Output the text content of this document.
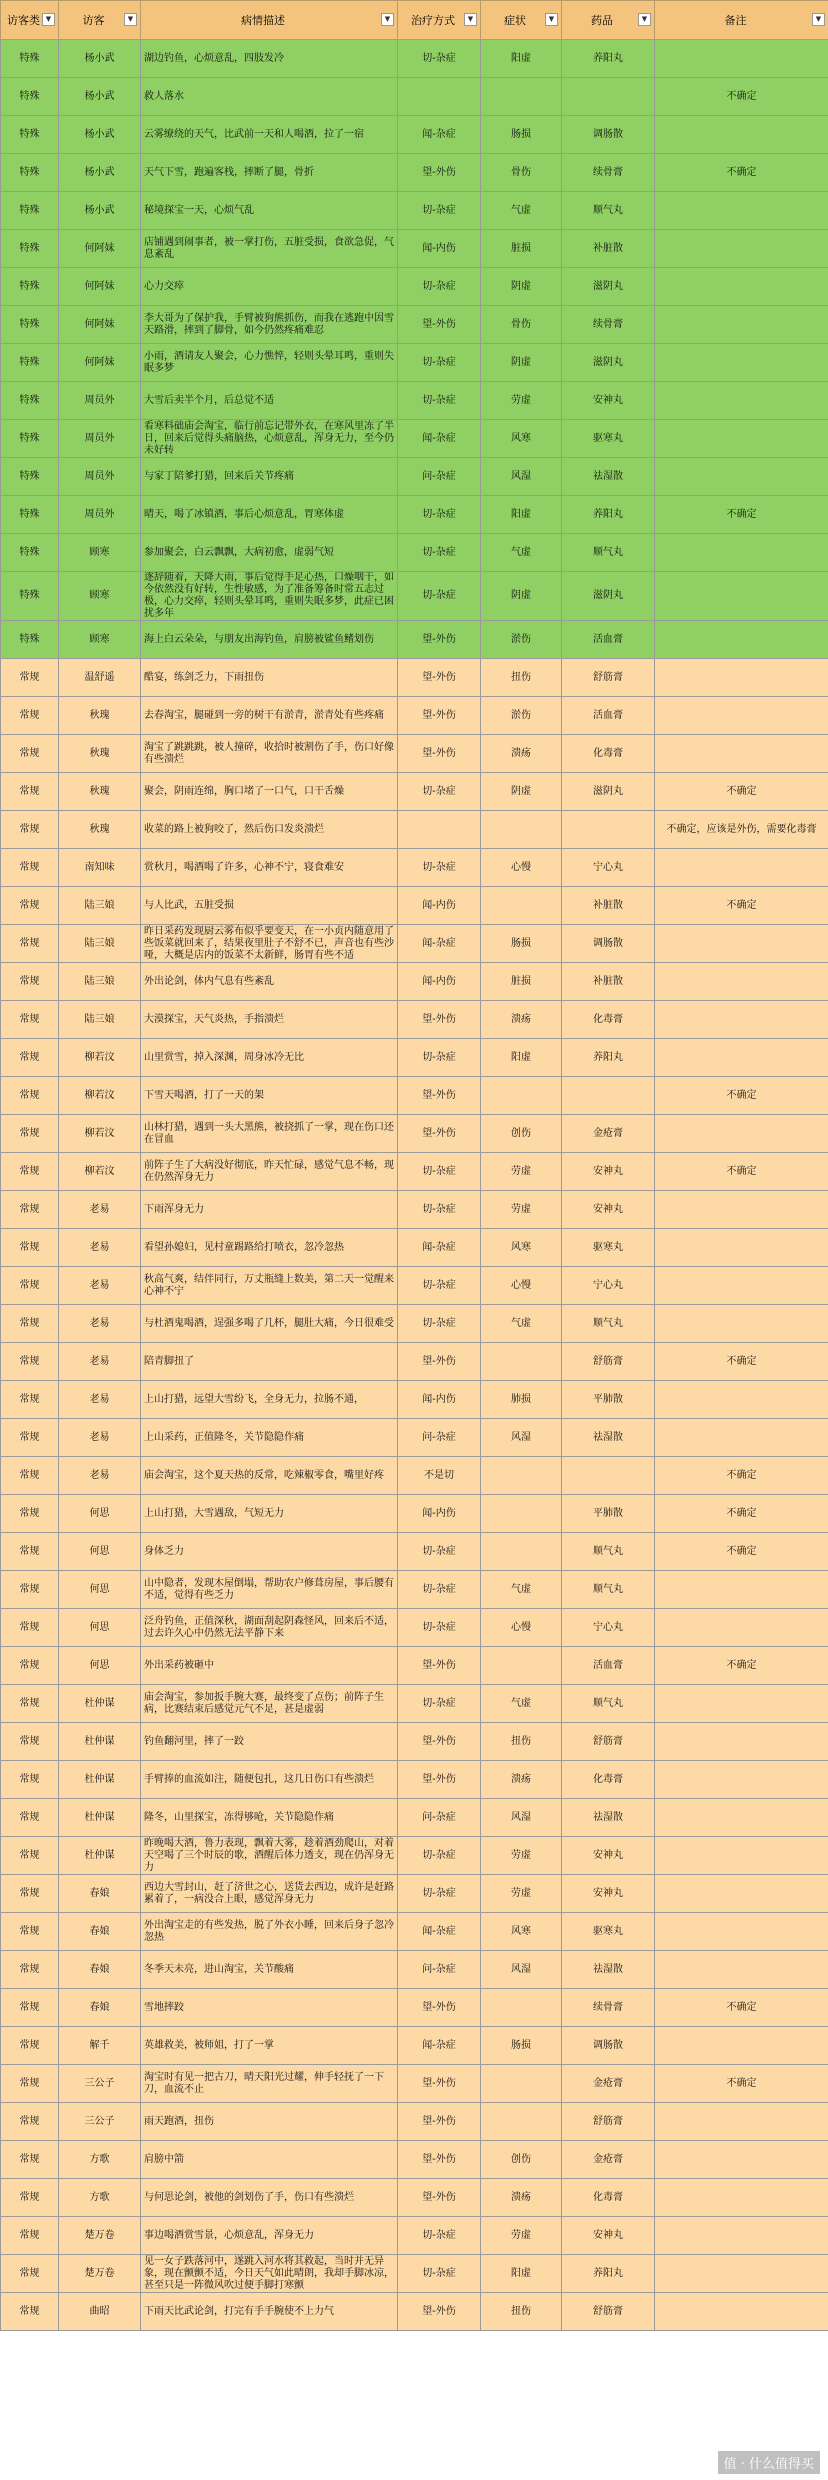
访客类 ▼	访客 ▼	病情描述 ▼	治疗方式 ▼	症状 ▼	药品 ▼	备注 ▼

特殊	杨小武	湖边钓鱼，心烦意乱，四肢发冷	切-杂症	阳虚	养阳丸	
特殊	杨小武	救人落水				不确定
特殊	杨小武	云雾缭绕的天气，比武前一天和人喝酒，拉了一宿	闻-杂症	肠损	调肠散	
特殊	杨小武	天气下雪，跑遍客栈，摔断了腿，骨折	望-外伤	骨伤	续骨膏	不确定
特殊	杨小武	秘境探宝一天，心烦气乱	切-杂症	气虚	顺气丸	
特殊	何阿妹	店铺遇到闹事者，被一掌打伤，五脏受损，食欲急促，气息紊乱	闻-内伤	脏损	补脏散	
特殊	何阿妹	心力交瘁	切-杂症	阴虚	滋阴丸	
特殊	何阿妹	李大哥为了保护我，手臂被狗熊抓伤，而我在逃跑中因雪天路滑，摔到了脚骨，如今仍然疼痛难忍	望-外伤	骨伤	续骨膏	
特殊	何阿妹	小雨，酒请友人聚会，心力憔悴，轻则头晕耳鸣，重则失眠多梦	切-杂症	阴虚	滋阴丸	
特殊	周员外	大雪后卖半个月，后总觉不适	切-杂症	劳虚	安神丸	
特殊	周员外	看寒料础庙会淘宝，临行前忘记带外衣，在寒风里冻了半日，回来后觉得头痛脑热，心烦意乱，浑身无力，至今仍未好转	闻-杂症	风寒	驱寒丸	
特殊	周员外	与家丁陪爹打猎，回来后关节疼痛	问-杂症	风湿	祛湿散	
特殊	周员外	晴天，喝了冰镇酒，事后心烦意乱，胃寒体虚	切-杂症	阳虚	养阳丸	不确定
特殊	顾寒	参加聚会，白云飘飘，大病初愈，虚弱气短	切-杂症	气虚	顺气丸	
特殊	顾寒	逐辞随着，天降大雨，事后觉得手足心热，口燥咽干，如今依然没有好转，生性敏感，为了准备筹备时常五志过极，心力交瘁，轻则头晕耳鸣，重则失眠多梦，此症已困扰多年	切-杂症	阴虚	滋阴丸	
特殊	顾寒	海上白云朵朵，与朋友出海钓鱼，肩膀被鲨鱼鳍划伤	望-外伤	淤伤	活血膏	
常规	温舒遥	酷宴，练剑乏力，下雨扭伤	望-外伤	扭伤	舒筋膏	
常规	秋瑰	去春淘宝，腿碰到一旁的树干有淤青，淤青处有些疼痛	望-外伤	淤伤	活血膏	
常规	秋瑰	淘宝了跳跳跳，被人撞碎，收拾时被割伤了手，伤口好像有些溃烂	望-外伤	溃疡	化毒膏	
常规	秋瑰	聚会，阴雨连绵，胸口堵了一口气，口干舌燥	切-杂症	阴虚	滋阴丸	不确定
常规	秋瑰	收菜的路上被狗咬了，然后伤口发炎溃烂				不确定，应该是外伤，需要化毒膏
常规	南知味	赏秋月，喝酒喝了许多，心神不宁，寝食难安	切-杂症	心慢	宁心丸	
常规	陆三娘	与人比武，五脏受损	闻-内伤		补脏散	不确定
常规	陆三娘	昨日采药发现厨云雾布似乎要变天，在一小贞内随意用了些饭菜就回来了，结果夜里肚子不舒不已，声音也有些沙哑，大概是店内的饭菜不太新鲜，肠胃有些不适	闻-杂症	肠损	调肠散	
常规	陆三娘	外出论剑，体内气息有些紊乱	闻-内伤	脏损	补脏散	
常规	陆三娘	大漠探宝，天气炎热，手指溃烂	望-外伤	溃疡	化毒膏	
常规	柳若汶	山里赏雪，掉入深渊，周身冰冷无比	切-杂症	阳虚	养阳丸	
常规	柳若汶	下雪天喝酒，打了一天的架	望-外伤			不确定
常规	柳若汶	山林打猎，遇到一头大黑熊，被挠抓了一掌，现在伤口还在冒血	望-外伤	创伤	金疮膏	
常规	柳若汶	前阵子生了大病没好彻底，昨天忙碌，感觉气息不畅，现在仍然浑身无力	切-杂症	劳虚	安神丸	不确定
常规	老易	下雨浑身无力	切-杂症	劳虚	安神丸	
常规	老易	看望孙媳妇，见村童踢路给打喷衣，忽冷忽热	闻-杂症	风寒	驱寒丸	
常规	老易	秋高气爽，结伴同行，万丈瓶缝上数美，第二天一觉醒来心神不宁	切-杂症	心慢	宁心丸	
常规	老易	与杜酒鬼喝酒，逞强多喝了几杯，腿肚大痛，今日很难受	切-杂症	气虚	顺气丸	
常规	老易	陪青脚扭了	望-外伤		舒筋膏	不确定
常规	老易	上山打猎，远望大雪纷飞，全身无力，拉肠不通，	闻-内伤	肺损	平肺散	
常规	老易	上山采药，正值隆冬，关节隐隐作痛	问-杂症	风湿	祛湿散	
常规	老易	庙会淘宝，这个夏天热的反常，吃辣椒零食，嘴里好疼	不是切			不确定
常规	何思	上山打猎，大雪遇敌，气短无力	闻-内伤		平肺散	不确定
常规	何思	身体乏力	切-杂症		顺气丸	不确定
常规	何思	山中隐者，发现木屋倒塌，帮助农户修葺房屋，事后腰有不适，觉得有些乏力	切-杂症	气虚	顺气丸	
常规	何思	泛舟钓鱼，正值深秋，湖面刮起阴森怪风，回来后不适，过去许久心中仍然无法平静下来	切-杂症	心慢	宁心丸	
常规	何思	外出采药被砸中	望-外伤		活血膏	不确定
常规	杜仲谋	庙会淘宝，参加扳手腕大赛，最终变了点伤；前阵子生病，比赛结束后感觉元气不足，甚是虚弱	切-杂症	气虚	顺气丸	
常规	杜仲谋	钓鱼翻河里，摔了一跤	望-外伤	扭伤	舒筋膏	
常规	杜仲谋	手臂捧的血流如注，随便包扎，这几日伤口有些溃烂	望-外伤	溃疡	化毒膏	
常规	杜仲谋	隆冬，山里探宝，冻得够呛，关节隐隐作痛	问-杂症	风湿	祛湿散	
常规	杜仲谋	昨晚喝大酒，鲁力表现，飘着大雾，趁着酒劲爬山，对着天空喝了三个时辰的歌，酒醒后体力透支，现在仍浑身无力	切-杂症	劳虚	安神丸	
常规	春娘	西边大雪封山，赶了济世之心，送货去西边，成许是赶路累着了，一病没合上眼，感觉浑身无力	切-杂症	劳虚	安神丸	
常规	春娘	外出淘宝走的有些发热，脱了外衣小睡，回来后身子忽冷忽热	闻-杂症	风寒	驱寒丸	
常规	春娘	冬季天未亮，进山淘宝，关节酸痛	问-杂症	风湿	祛湿散	
常规	春娘	雪地摔跤	望-外伤		续骨膏	不确定
常规	解千	英雄救美，被师姐，打了一掌	闻-杂症	肠损	调肠散	
常规	三公子	淘宝时有见一把古刀，晴天阳光过耀，伸手轻抚了一下刀，血流不止	望-外伤		金疮膏	不确定
常规	三公子	雨天跑酒，扭伤	望-外伤		舒筋膏	
常规	方歌	肩膀中箭	望-外伤	创伤	金疮膏	
常规	方歌	与何思论剑，被他的剑划伤了手，伤口有些溃烂	望-外伤	溃疡	化毒膏	
常规	楚万卷	事边喝酒赏雪景，心烦意乱，浑身无力	切-杂症	劳虚	安神丸	
常规	楚万卷	见一女子跌落河中，遂跳入河水将其救起，当时并无异象，现在颤颤不适，今日天气如此晴朗，我却手脚冰凉，甚至只是一阵微风吹过便手脚打寒颤	切-杂症	阳虚	养阳丸	
常规	曲昭	下雨天比武论剑，打完有手手腕使不上力气	望-外伤	扭伤	舒筋膏	
值 · 什么值得买
